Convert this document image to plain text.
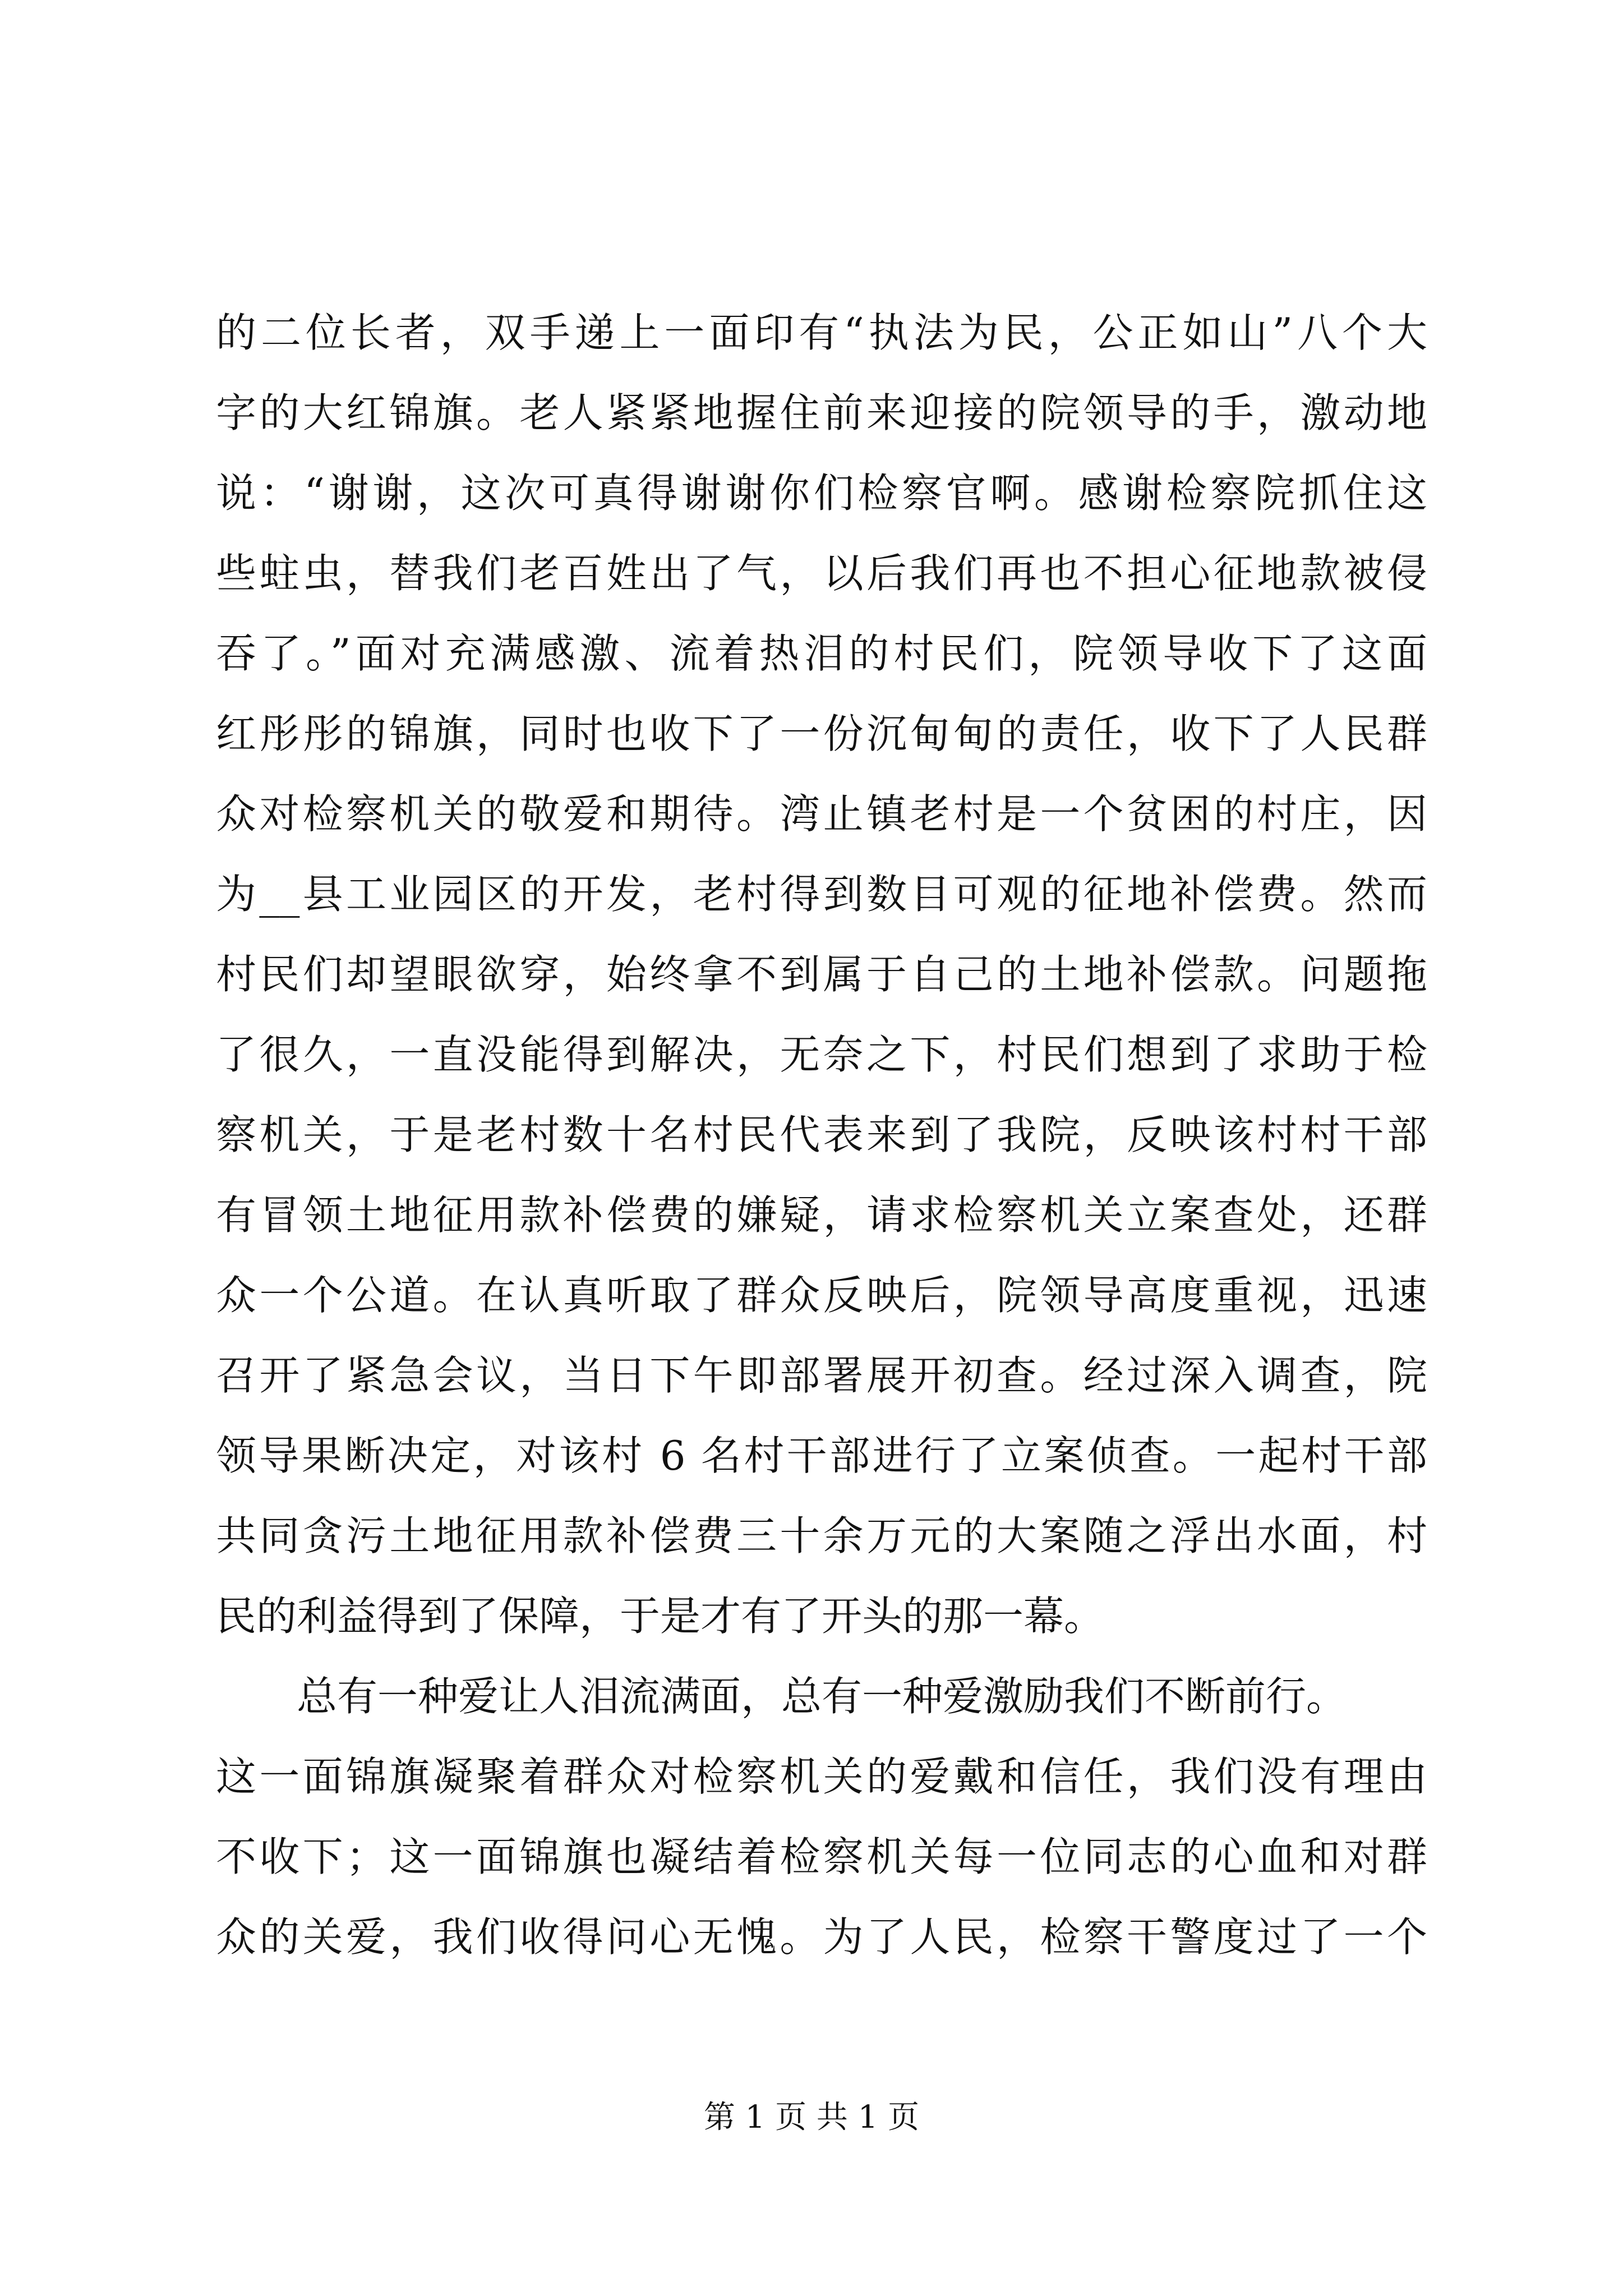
的二位长者，双手递上一面印有“执法为民，公正如山”八个大
字的大红锦旗。老人紧紧地握住前来迎接的院领导的手，激动地
说：“谢谢，这次可真得谢谢你们检察官啊。感谢检察院抓住这
些蛀虫，替我们老百姓出了气，以后我们再也不担心征地款被侵
吞了。”面对充满感激、流着热泪的村民们，院领导收下了这面
红彤彤的锦旗，同时也收下了一份沉甸甸的责任，收下了人民群
众对检察机关的敬爱和期待。湾止镇老村是一个贫困的村庄，因
为__县工业园区的开发，老村得到数目可观的征地补偿费。然而
村民们却望眼欲穿，始终拿不到属于自己的土地补偿款。问题拖
了很久，一直没能得到解决，无奈之下，村民们想到了求助于检
察机关，于是老村数十名村民代表来到了我院，反映该村村干部
有冒领土地征用款补偿费的嫌疑，请求检察机关立案查处，还群
众一个公道。在认真听取了群众反映后，院领导高度重视，迅速
召开了紧急会议，当日下午即部署展开初查。经过深入调查，院
领导果断决定，对该村 6 名村干部进行了立案侦查。一起村干部
共同贪污土地征用款补偿费三十余万元的大案随之浮出水面，村
民的利益得到了保障，于是才有了开头的那一幕。
总有一种爱让人泪流满面，总有一种爱激励我们不断前行。
这一面锦旗凝聚着群众对检察机关的爱戴和信任，我们没有理由
不收下；这一面锦旗也凝结着检察机关每一位同志的心血和对群
众的关爱，我们收得问心无愧。为了人民，检察干警度过了一个
第 1 页 共 1 页
